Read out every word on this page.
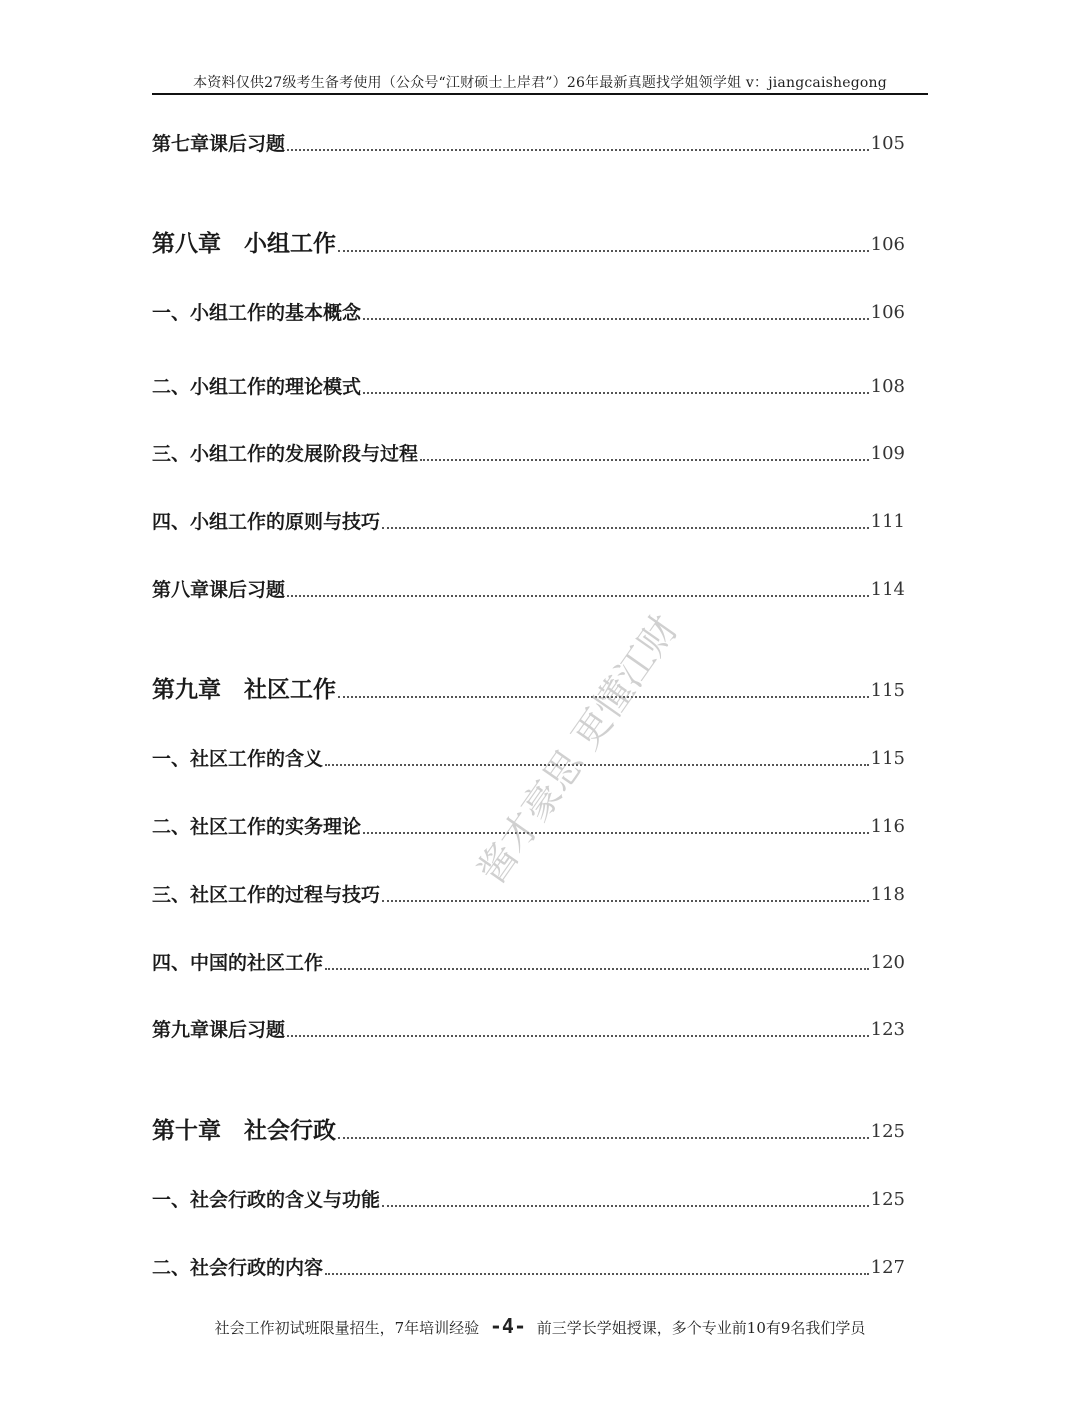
本资料仅供27级考生备考使用（公众号“江财硕士上岸君”）26年最新真题找学姐领学姐 v：jiangcaishegong
第七章课后习题	105
第八章　小组工作	106
一、小组工作的基本概念	106
二、小组工作的理论模式	108
三、小组工作的发展阶段与过程	109
四、小组工作的原则与技巧	111
第八章课后习题	114
第九章　社区工作	115
一、社区工作的含义	115
二、社区工作的实务理论	116
三、社区工作的过程与技巧	118
四、中国的社区工作	120
第九章课后习题	123
第十章　社会行政	125
一、社会行政的含义与功能	125
二、社会行政的内容	127
酱才豪思 更懂江财
社会工作初试班限量招生，7年培训经验 -4- 前三学长学姐授课，多个专业前10有9名我们学员
